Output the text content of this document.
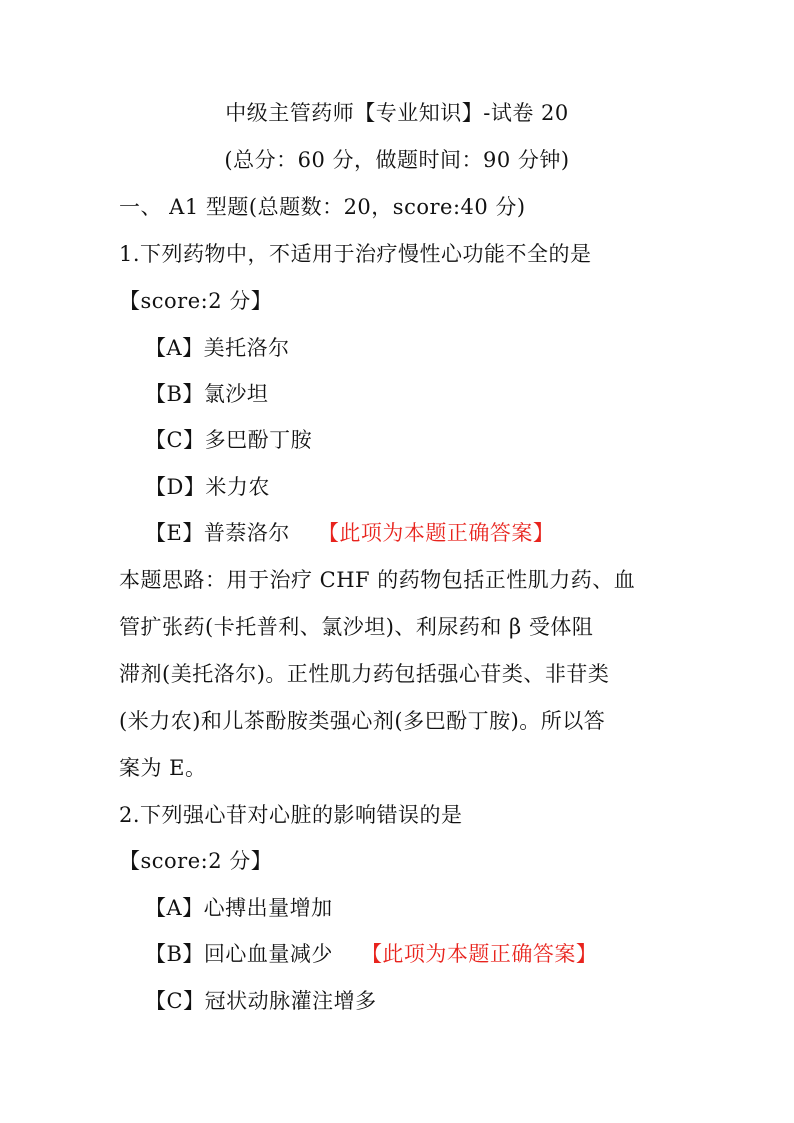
中级主管药师【专业知识】-试卷 20
(总分：60 分，做题时间：90 分钟)
一、 A1 型题(总题数：20，score:40 分)
1.下列药物中，不适用于治疗慢性心功能不全的是
【score:2 分】
【A】美托洛尔
【B】氯沙坦
【C】多巴酚丁胺
【D】米力农
【E】普萘洛尔 【此项为本题正确答案】
本题思路：用于治疗 CHF 的药物包括正性肌力药、血
管扩张药(卡托普利、氯沙坦)、利尿药和 β 受体阻
滞剂(美托洛尔)。正性肌力药包括强心苷类、非苷类
(米力农)和儿茶酚胺类强心剂(多巴酚丁胺)。所以答
案为 E。
2.下列强心苷对心脏的影响错误的是
【score:2 分】
【A】心搏出量增加
【B】回心血量减少 【此项为本题正确答案】
【C】冠状动脉灌注增多
